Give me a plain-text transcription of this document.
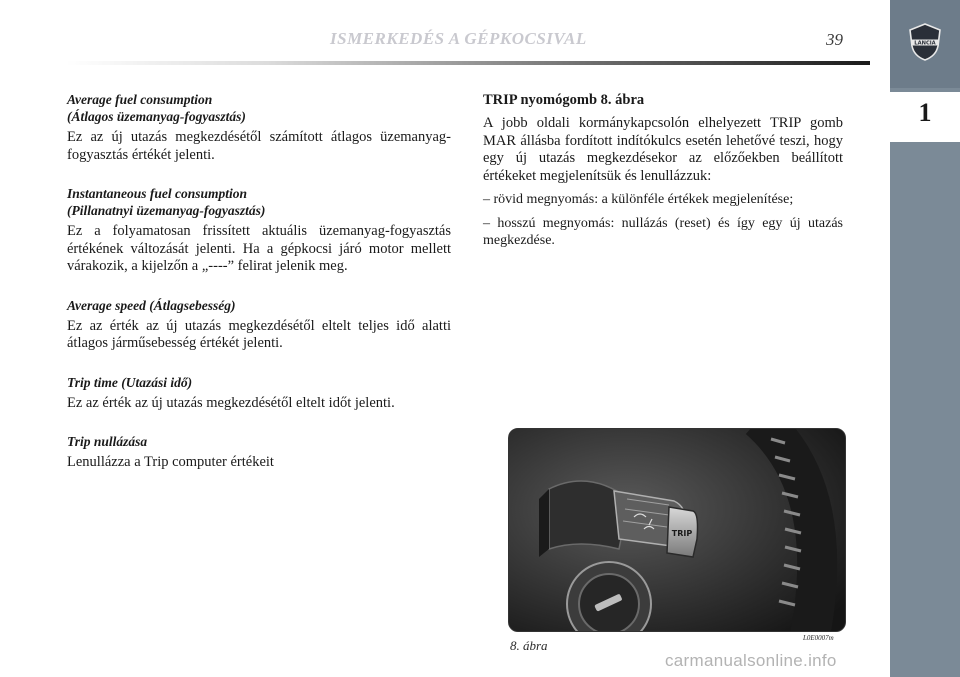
ISMERKEDÉS A GÉPKOCSIVAL	39	LANCIA
1
Average fuel consumption
(Átlagos üzemanyag-fogyasztás)
Ez az új utazás megkezdésétől számított átlagos üzemanyag-fogyasztás értékét jelenti.
Instantaneous fuel consumption
(Pillanatnyi üzemanyag-fogyasztás)
Ez a folyamatosan frissített aktuális üzemanyag-fogyasztás értékének változását jelenti. Ha a gépkocsi járó motor mellett várakozik, a kijelzőn a „----” felirat jelenik meg.
Average speed (Átlagsebesség)
Ez az érték az új utazás megkezdésétől eltelt teljes idő alatti átlagos járműsebesség értékét jelenti.
Trip time (Utazási idő)
Ez az érték az új utazás megkezdésétől eltelt időt jelenti.
Trip nullázása
Lenullázza a Trip computer értékeit
TRIP nyomógomb 8. ábra
A jobb oldali kormánykapcsolón elhelyezett TRIP gomb MAR állásba fordított indítókulcs esetén lehetővé teszi, hogy egy új utazás megkezdésekor az előzőekben beállított értékeket megjelenítsük és lenullázzuk:
– rövid megnyomás: a különféle értékek megjelenítése;
– hosszú megnyomás: nullázás (reset) és így egy új utazás megkezdése.
TRIP
8. ábra	L0E0007m
carmanualsonline.info
